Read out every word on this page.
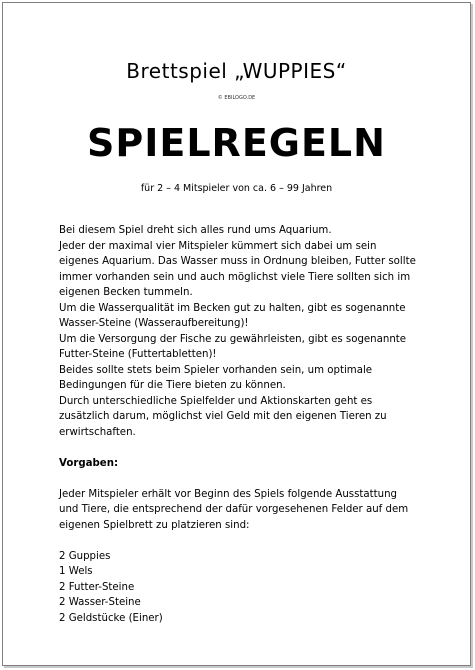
Brettspiel „WUPPIES“
© EBILOGO.DE
SPIELREGELN
für 2 – 4 Mitspieler von ca. 6 – 99 Jahren
Bei diesem Spiel dreht sich alles rund ums Aquarium.
Jeder der maximal vier Mitspieler kümmert sich dabei um sein
eigenes Aquarium. Das Wasser muss in Ordnung bleiben, Futter sollte
immer vorhanden sein und auch möglichst viele Tiere sollten sich im
eigenen Becken tummeln.
Um die Wasserqualität im Becken gut zu halten, gibt es sogenannte
Wasser-Steine (Wasseraufbereitung)!
Um die Versorgung der Fische zu gewährleisten, gibt es sogenannte
Futter-Steine (Futtertabletten)!
Beides sollte stets beim Spieler vorhanden sein, um optimale
Bedingungen für die Tiere bieten zu können.
Durch unterschiedliche Spielfelder und Aktionskarten geht es
zusätzlich darum, möglichst viel Geld mit den eigenen Tieren zu
erwirtschaften.
Vorgaben:
Jeder Mitspieler erhält vor Beginn des Spiels folgende Ausstattung
und Tiere, die entsprechend der dafür vorgesehenen Felder auf dem
eigenen Spielbrett zu platzieren sind:
2 Guppies
1 Wels
2 Futter-Steine
2 Wasser-Steine
2 Geldstücke (Einer)
